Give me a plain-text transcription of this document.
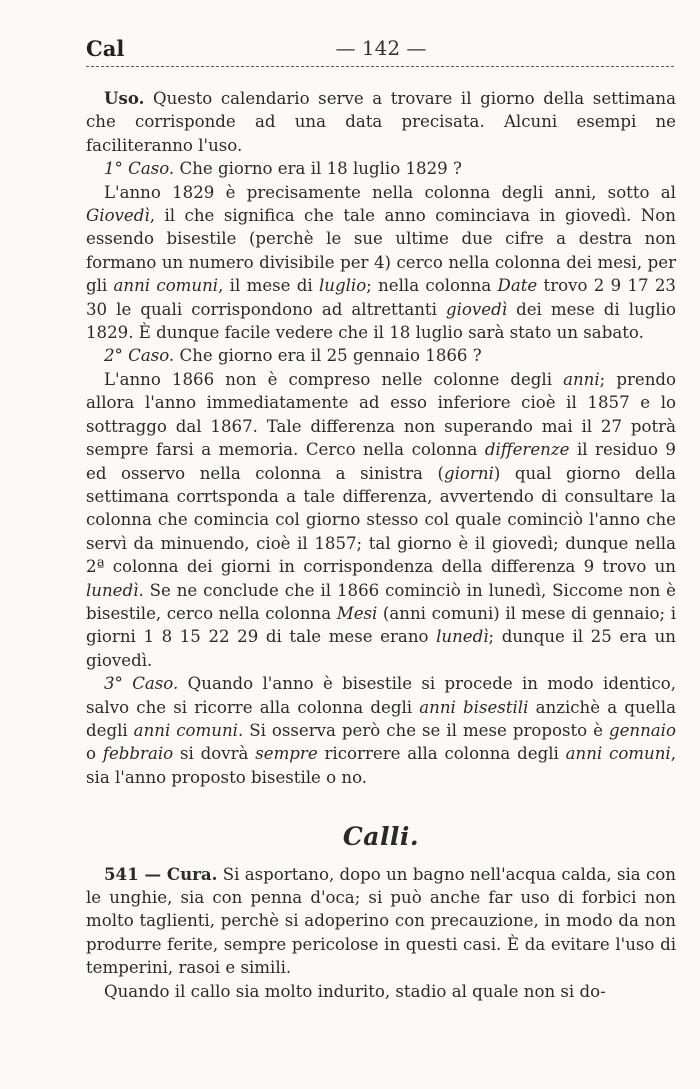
Cal	— 142 —

Uso. Questo calendario serve a trovare il giorno della settimana che corrisponde ad una data precisata. Alcuni esempi ne faciliteranno l'uso.

1° Caso. Che giorno era il 18 luglio 1829 ?

L'anno 1829 è precisamente nella colonna degli anni, sotto al Giovedì, il che significa che tale anno cominciava in giovedì. Non essendo bisestile (perchè le sue ultime due cifre a destra non formano un numero divisibile per 4) cerco nella colonna dei mesi, per gli anni comuni, il mese di luglio; nella colonna Date trovo 2 9 17 23 30 le quali corrispondono ad altrettanti giovedì dei mese di luglio 1829. È dunque facile vedere che il 18 luglio sarà stato un sabato.

2° Caso. Che giorno era il 25 gennaio 1866 ?

L'anno 1866 non è compreso nelle colonne degli anni; prendo allora l'anno immediatamente ad esso inferiore cioè il 1857 e lo sottraggo dal 1867. Tale differenza non superando mai il 27 potrà sempre farsi a memoria. Cerco nella colonna differenze il residuo 9 ed osservo nella colonna a sinistra (giorni) qual giorno della settimana corrtsponda a tale differenza, avvertendo di consultare la colonna che comincia col giorno stesso col quale cominciò l'anno che servì da minuendo, cioè il 1857; tal giorno è il giovedì; dunque nella 2ª colonna dei giorni in corrispondenza della differenza 9 trovo un lunedì. Se ne conclude che il 1866 cominciò in lunedì, Siccome non è bisestile, cerco nella colonna Mesi (anni comuni) il mese di gennaio; i giorni 1 8 15 22 29 di tale mese erano lunedì; dunque il 25 era un giovedì.

3° Caso. Quando l'anno è bisestile si procede in modo identico, salvo che si ricorre alla colonna degli anni bisestili anzichè a quella degli anni comuni. Si osserva però che se il mese proposto è gennaio o febbraio si dovrà sempre ricorrere alla colonna degli anni comuni, sia l'anno proposto bisestile o no.

Calli.

541 — Cura. Si asportano, dopo un bagno nell'acqua calda, sia con le unghie, sia con penna d'oca; si può anche far uso di forbici non molto taglienti, perchè si adoperino con precauzione, in modo da non produrre ferite, sempre pericolose in questi casi. È da evitare l'uso di temperini, rasoi e simili.

Quando il callo sia molto indurito, stadio al quale non si do-
